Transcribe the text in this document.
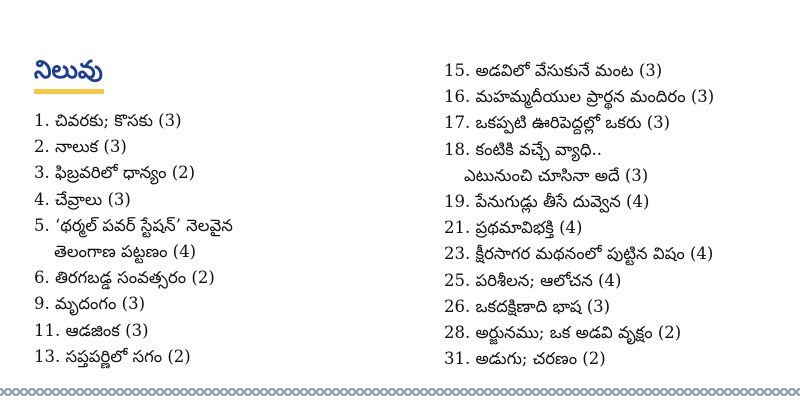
నిలువు
1. చివరకు; కొసకు (3)
2. నాలుక (3)
3. ఫిబ్రవరిలో ధాన్యం (2)
4. చేవ్రాలు (3)
5. ‘థర్మల్ పవర్ స్టేషన్’ నెలవైన
తెలంగాణ పట్టణం (4)
6. తిరగబడ్డ సంవత్సరం (2)
9. మృదంగం (3)
11. ఆడజింక (3)
13. సప్తపర్ణిలో సగం (2)
15. అడవిలో వేసుకునే మంట (3)
16. మహమ్మదీయుల ప్రార్థన మందిరం (3)
17. ఒకప్పటి ఊరిపెద్దల్లో ఒకరు (3)
18. కంటికి వచ్చే వ్యాధి..
ఎటునుంచి చూసినా అదే (3)
19. పేనుగుడ్లు తీసే దువ్వెన (4)
21. ప్రథమావిభక్తి (4)
23. క్షీరసాగర మథనంలో పుట్టిన విషం (4)
25. పరిశీలన; ఆలోచన (4)
26. ఒకదక్షిణాది భాష (3)
28. అర్జునము; ఒక అడవి వృక్షం (2)
31. అడుగు; చరణం (2)
